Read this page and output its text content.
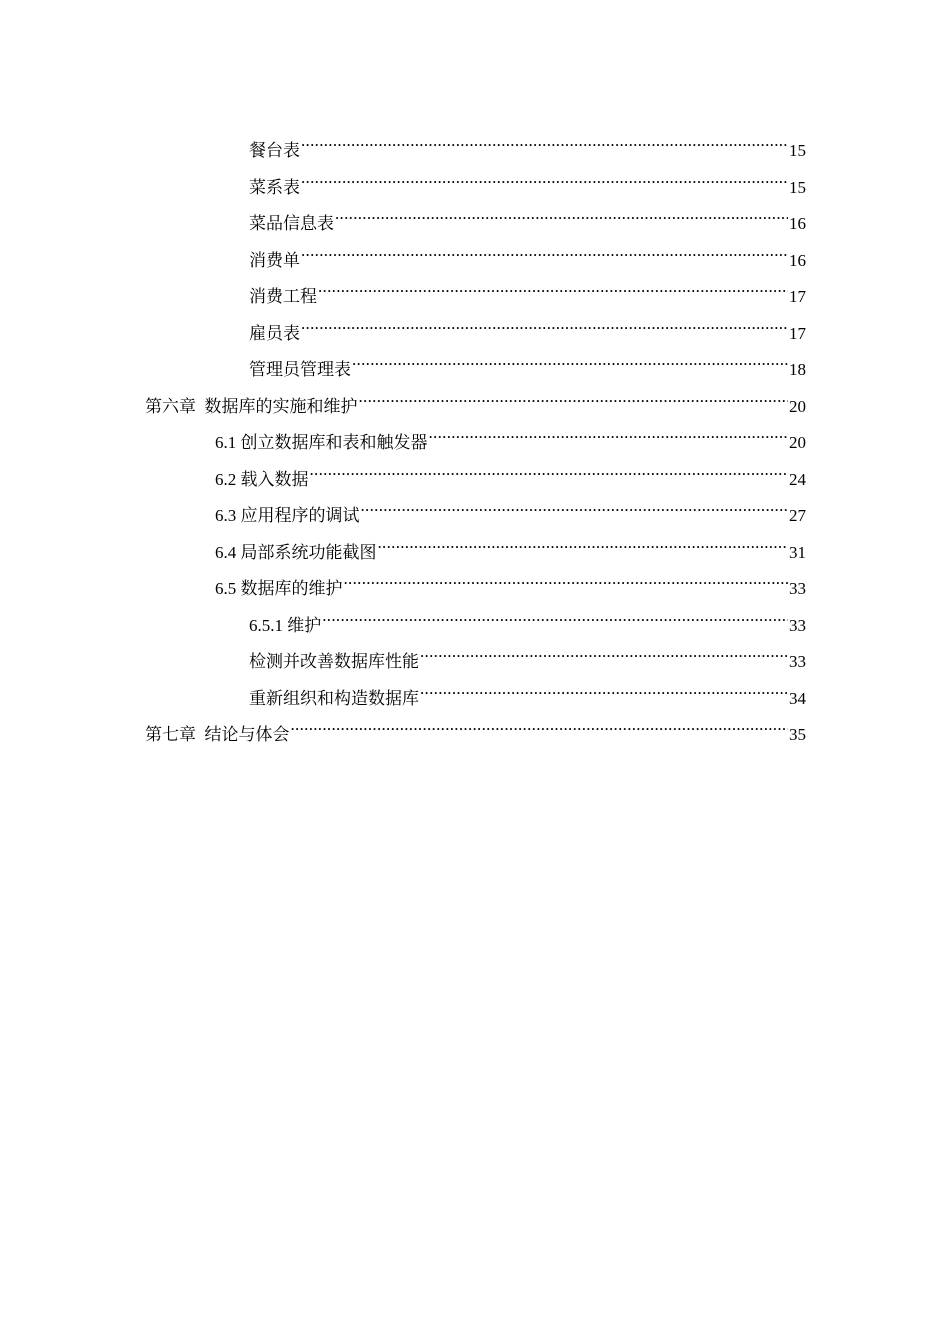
餐台表 .....	15
菜系表 .....	15
菜品信息表 .....	16
消费单 .....	16
消费工程 .....	17
雇员表 .....	17
管理员管理表 .....	18
第六章  数据库的实施和维护 .....	20
6.1 创立数据库和表和触发器 .....	20
6.2 载入数据 .....	24
6.3 应用程序的调试 .....	27
6.4 局部系统功能截图 .....	31
6.5 数据库的维护 .....	33
6.5.1 维护 .....	33
检测并改善数据库性能 .....	33
重新组织和构造数据库 .....	34
第七章  结论与体会 .....	35
